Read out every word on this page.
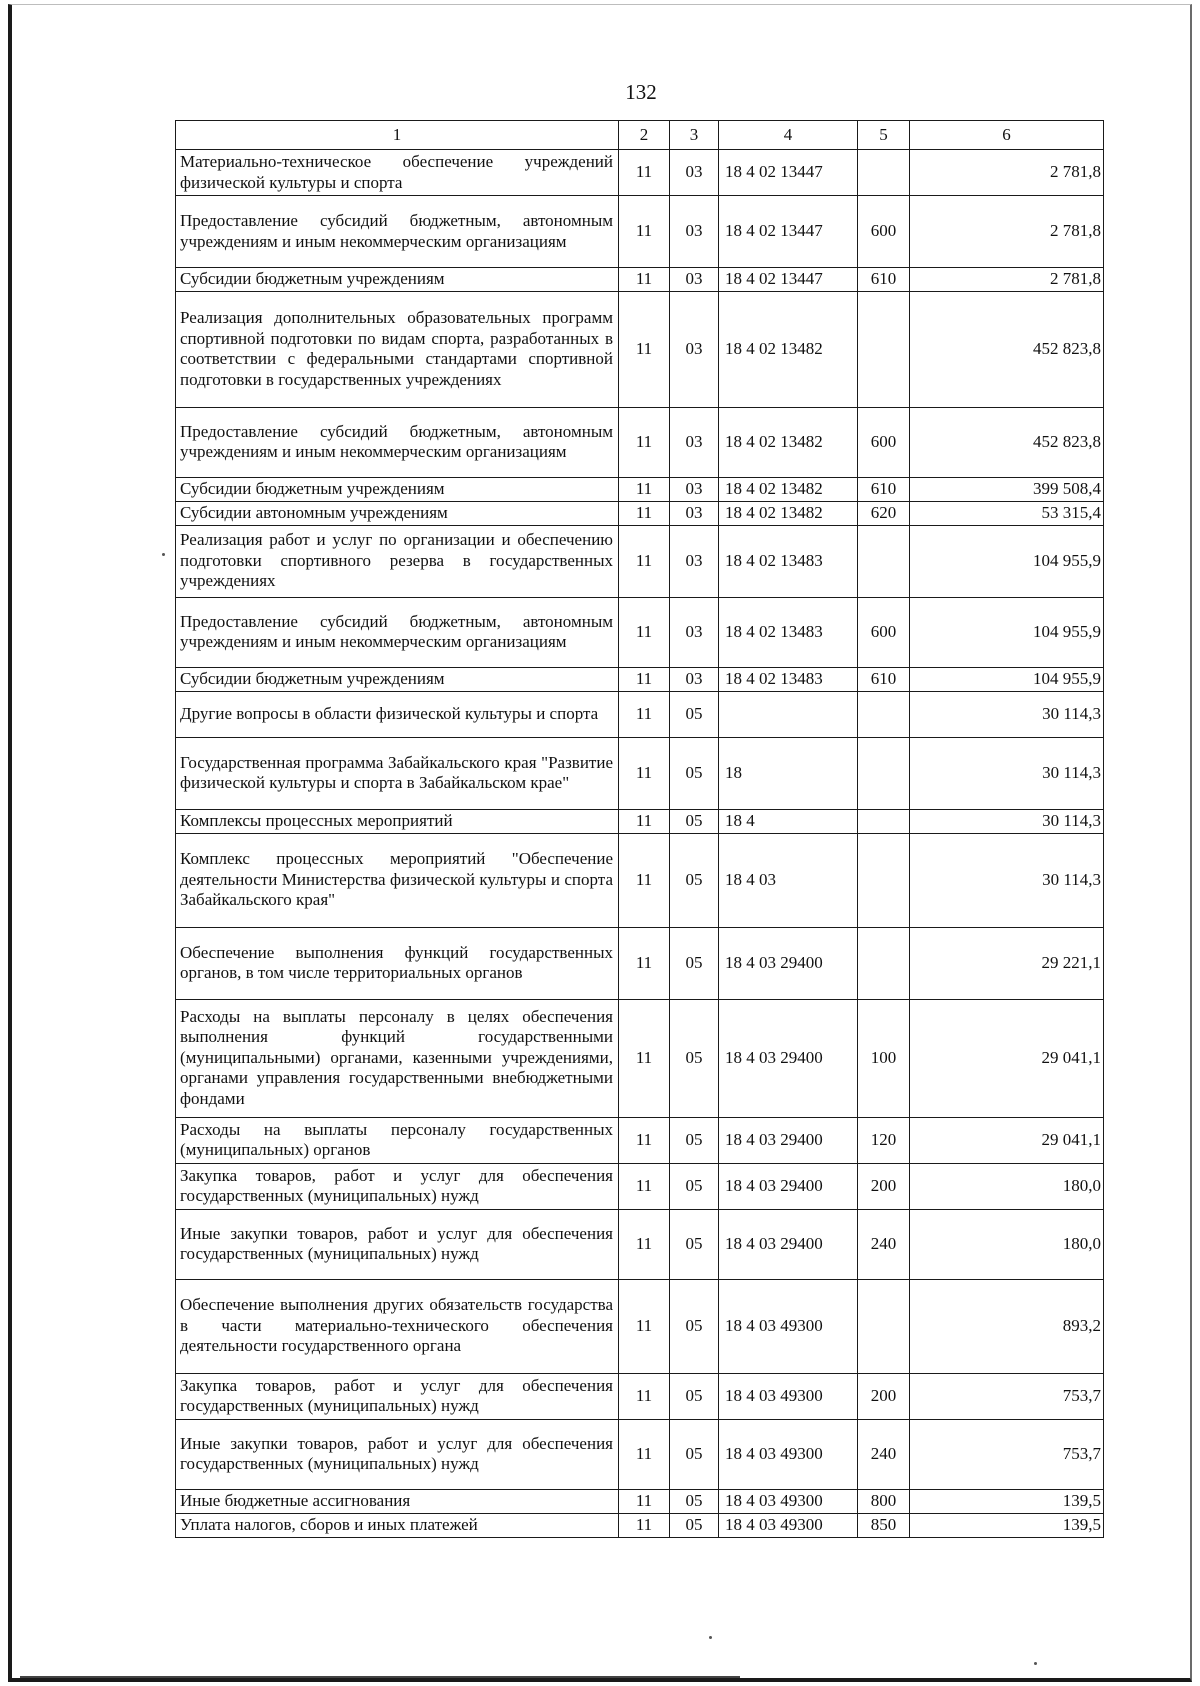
132
1	2	3	4	5	6
Материально-техническое обеспечение учреждений физической культуры и спорта	11	03	18 4 02 13447		2 781,8
Предоставление субсидий бюджетным, автономным учреждениям и иным некоммерческим организациям	11	03	18 4 02 13447	600	2 781,8
Субсидии бюджетным учреждениям	11	03	18 4 02 13447	610	2 781,8
Реализация дополнительных образовательных программ спортивной подготовки по видам спорта, разработанных в соответствии с федеральными стандартами спортивной подготовки в государственных учреждениях	11	03	18 4 02 13482		452 823,8
Предоставление субсидий бюджетным, автономным учреждениям и иным некоммерческим организациям	11	03	18 4 02 13482	600	452 823,8
Субсидии бюджетным учреждениям	11	03	18 4 02 13482	610	399 508,4
Субсидии автономным учреждениям	11	03	18 4 02 13482	620	53 315,4
Реализация работ и услуг по организации и обеспечению подготовки спортивного резерва в государственных учреждениях	11	03	18 4 02 13483		104 955,9
Предоставление субсидий бюджетным, автономным учреждениям и иным некоммерческим организациям	11	03	18 4 02 13483	600	104 955,9
Субсидии бюджетным учреждениям	11	03	18 4 02 13483	610	104 955,9
Другие вопросы в области физической культуры и спорта	11	05			30 114,3
Государственная программа Забайкальского края "Развитие физической культуры и спорта в Забайкальском крае"	11	05	18		30 114,3
Комплексы процессных мероприятий	11	05	18 4		30 114,3
Комплекс процессных мероприятий "Обеспечение деятельности Министерства физической культуры и спорта Забайкальского края"	11	05	18 4 03		30 114,3
Обеспечение выполнения функций государственных органов, в том числе территориальных органов	11	05	18 4 03 29400		29 221,1
Расходы на выплаты персоналу в целях обеспечения выполнения функций государственными (муниципальными) органами, казенными учреждениями, органами управления государственными внебюджетными фондами	11	05	18 4 03 29400	100	29 041,1
Расходы на выплаты персоналу государственных (муниципальных) органов	11	05	18 4 03 29400	120	29 041,1
Закупка товаров, работ и услуг для обеспечения государственных (муниципальных) нужд	11	05	18 4 03 29400	200	180,0
Иные закупки товаров, работ и услуг для обеспечения государственных (муниципальных) нужд	11	05	18 4 03 29400	240	180,0
Обеспечение выполнения других обязательств государства в части материально-технического обеспечения деятельности государственного органа	11	05	18 4 03 49300		893,2
Закупка товаров, работ и услуг для обеспечения государственных (муниципальных) нужд	11	05	18 4 03 49300	200	753,7
Иные закупки товаров, работ и услуг для обеспечения государственных (муниципальных) нужд	11	05	18 4 03 49300	240	753,7
Иные бюджетные ассигнования	11	05	18 4 03 49300	800	139,5
Уплата налогов, сборов и иных платежей	11	05	18 4 03 49300	850	139,5
